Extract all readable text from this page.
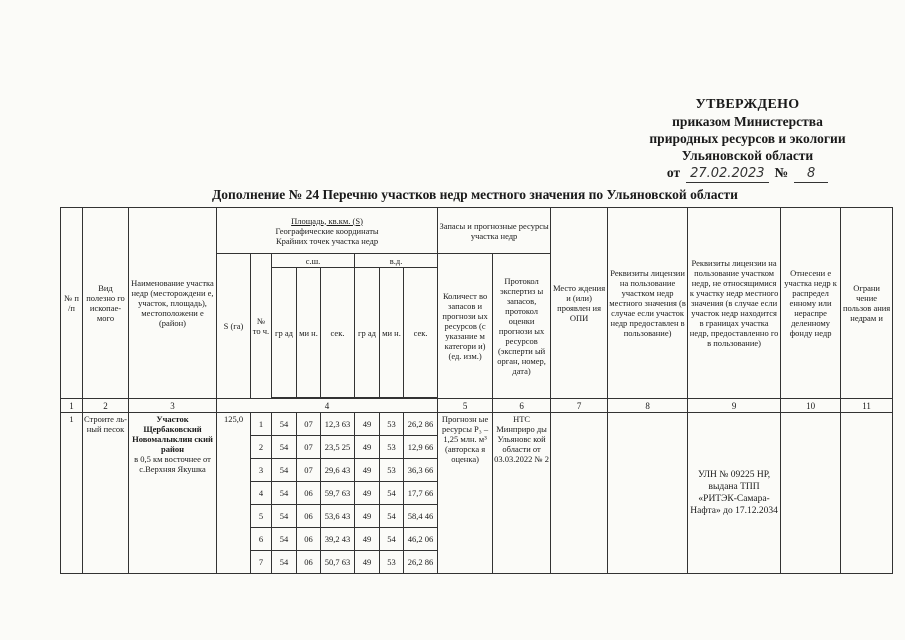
УТВЕРЖДЕНО
приказом Министерства
природных ресурсов и экологии
Ульяновской области
от 27.02.2023 №	8
Дополнение № 24 Перечню участков недр местного значения по Ульяновской области
№ п /п	Вид полезно го ископае-мого	Наименование участка недр (месторождени е, участок, площадь), местоположени е (район)	Площадь, кв.км. (S)
Географические координаты
Крайних точек участка недр								Запасы и прогнозные ресурсы участка недр		Место ждения и (или) проявлен ия ОПИ	Реквизиты лицензии на пользование участком недр местного значения (в случае если участок недр предоставлен в пользование)	Реквизиты лицензии на пользование участком недр, не относящимися к участку недр местного значения (в случае если участок недр находится в границах участка недр, предоставленно го в пользование)	Отнесени е участка недр к распредел енному или нераспре деленному фонду недр	Ограни чение пользов ания недрам и
			S (га)	№ то ч.	с.ш.			в.д.			Количест во запасов и прогнози ых ресурсов (с указание м категори и) (ед. изм.)	Протокол экспертиз ы запасов, протокол оценки прогнози ых ресурсов (эксперти ый орган, номер, дата)					
					гр ад	ми н.	сек.	гр ад	ми н.	сек.							

1	2	3	4								5	6	7	8	9	10	11
1	Строите ль-ный песок	Участок Щербаковский Новомалыклин ский район
в 0,5 км восточнее от с.Верхняя Якушка	125,0	1	54	07	12,3 63	49	53	26,2 86	Прогнозн ые ресурсы P₃ – 1,25 млн. м³ (авторска я оценка)	НТС Минприро ды Ульяновс кой области от 03.03.2022 № 2			УЛН № 09225 НР, выдана ТПП «РИТЭК-Самара-Нафта» до 17.12.2034		
				2	54	07	23,5 25	49	53	12,9 66							
				3	54	07	29,6 43	49	53	36,3 66							
				4	54	06	59,7 63	49	54	17,7 66							
				5	54	06	53,6 43	49	54	58,4 46							
				6	54	06	39,2 43	49	54	46,2 06							
				7	54	06	50,7 63	49	53	26,2 86							
